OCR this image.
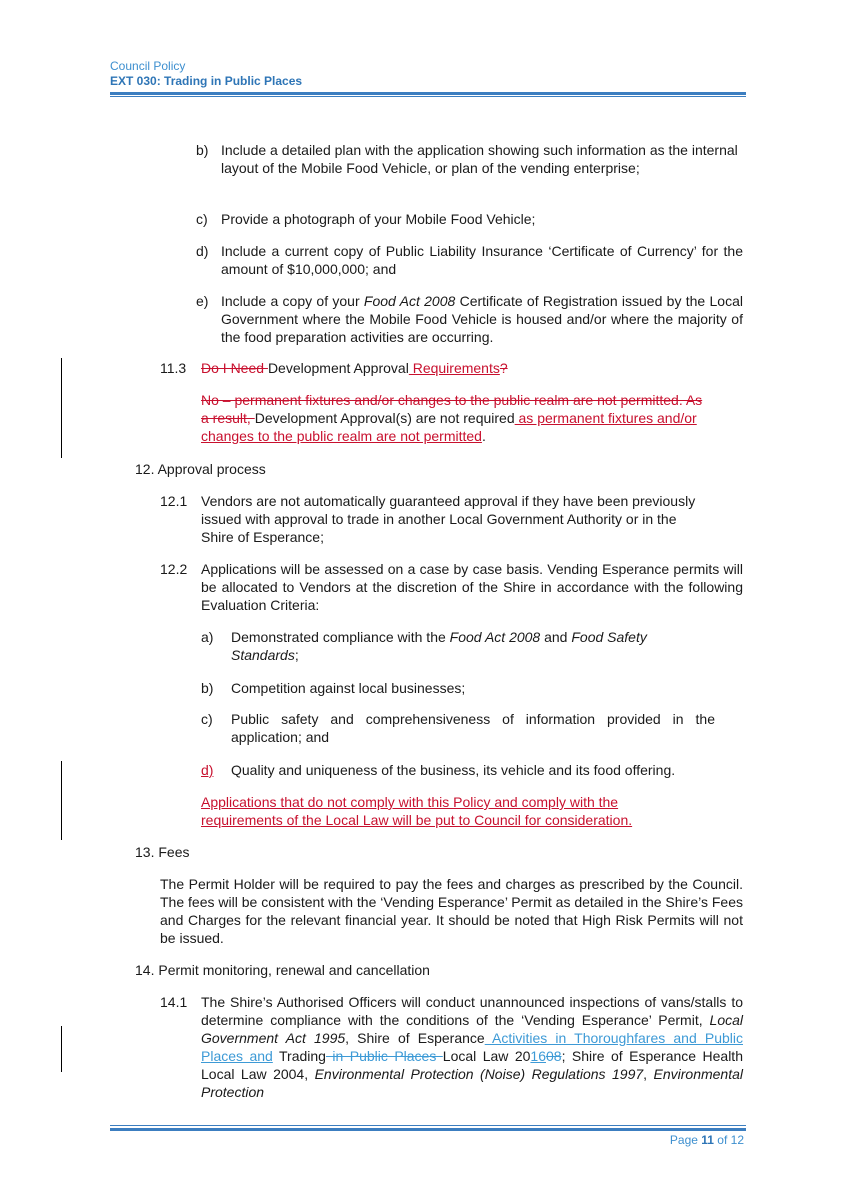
Council Policy
EXT 030: Trading in Public Places
b) Include a detailed plan with the application showing such information as the internal layout of the Mobile Food Vehicle, or plan of the vending enterprise;
c) Provide a photograph of your Mobile Food Vehicle;
d) Include a current copy of Public Liability Insurance ‘Certificate of Currency’ for the amount of $10,000,000; and
e) Include a copy of your Food Act 2008 Certificate of Registration issued by the Local Government where the Mobile Food Vehicle is housed and/or where the majority of the food preparation activities are occurring.
11.3 Do I Need Development Approval Requirements?
No – permanent fixtures and/or changes to the public realm are not permitted. As a result, Development Approval(s) are not required as permanent fixtures and/or changes to the public realm are not permitted.
12. Approval process
12.1 Vendors are not automatically guaranteed approval if they have been previously issued with approval to trade in another Local Government Authority or in the Shire of Esperance;
12.2 Applications will be assessed on a case by case basis. Vending Esperance permits will be allocated to Vendors at the discretion of the Shire in accordance with the following Evaluation Criteria:
a) Demonstrated compliance with the Food Act 2008 and Food Safety Standards;
b) Competition against local businesses;
c) Public safety and comprehensiveness of information provided in the application; and
d) Quality and uniqueness of the business, its vehicle and its food offering.
Applications that do not comply with this Policy and comply with the requirements of the Local Law will be put to Council for consideration.
13. Fees
The Permit Holder will be required to pay the fees and charges as prescribed by the Council. The fees will be consistent with the ‘Vending Esperance’ Permit as detailed in the Shire’s Fees and Charges for the relevant financial year. It should be noted that High Risk Permits will not be issued.
14. Permit monitoring, renewal and cancellation
14.1 The Shire’s Authorised Officers will conduct unannounced inspections of vans/stalls to determine compliance with the conditions of the ‘Vending Esperance’ Permit, Local Government Act 1995, Shire of Esperance Activities in Thoroughfares and Public Places and Trading in Public Places Local Law 201608; Shire of Esperance Health Local Law 2004, Environmental Protection (Noise) Regulations 1997, Environmental Protection
Page 11 of 12
